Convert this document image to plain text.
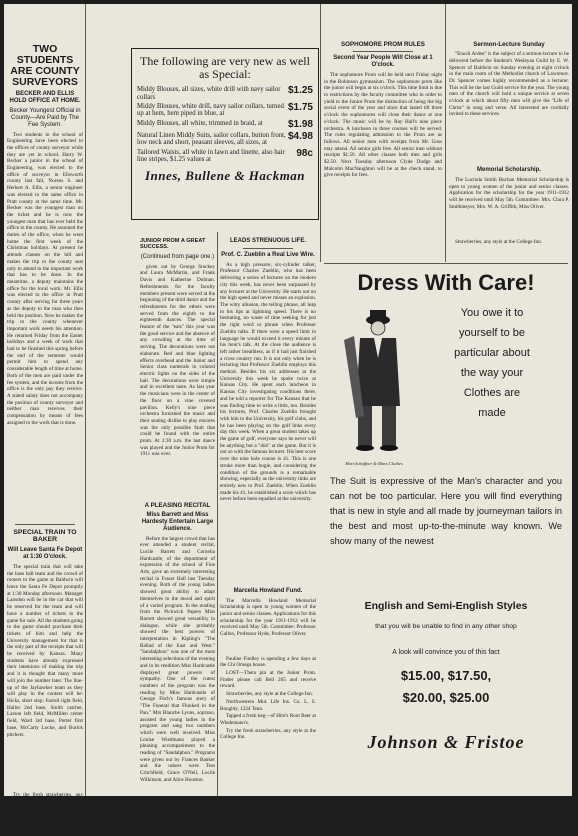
TWO STUDENTS ARE COUNTY SURVEYORS
BECKER AND ELLIS HOLD OFFICE AT HOME.
Becker Youngest Official in County—Are Paid by The Fee System.

Two students in the school of Engineering have been elected to the offices of county surveyor while they are yet in school. Harry W. Becker a junior in the school of Engineering, was elected to the office of surveyor in Ellsworth county last fall, Noreus S. and Herbert A. Ellis, a senior engineer was elected to the same office in Pratt county at the same time. Mr. Becker was the youngest man on the ticket and he is now the youngest man that has ever held the office in the county. He assumed the duties of the office, when he went home the first week of the Christmas holidays. At present he attends classes on the hill and makes the trip to the county seat only to attend to the important work that has to be done. In the meantime, a deputy maintains the office for the local work. Mr. Ellis was elected to the office in Pratt county after serving for three years as the deputy to the man who then held the position. Now he makes the trip to the county whenever important work needs his attention. He returned Friday from the Easter holidays and a week of work that had to be finished this spring before the end of the semester would permit him to spend any considerable length of time at home. Both of the men are paid under the fee system, and the income from the office is the only pay they receive. A stated salary does not accompany the position of county surveyor and neither man receives their compensation by means of fees assigned to the work that is done.

SPECIAL TRAIN TO BAKER
Will Leave Santa Fe Depot at 1:30 O'clock.

The special train that will take the base ball team and the crowd of rooters to the game at Baldwin will leave the Santa Fe Depot promptly at 1:30 Monday afternoon. Manager Lansdon will be in the car that will be reserved for the team and will have a number of tickets to the game for sale. All the students going to the game should purchase their tickets of him and help the University management for that is the only part of the receipts that will be received by Kansas. Many students have already expressed their intentions of making the trip and it is thought that many more will join the number later. The line-up of the Jayhawker team as they will play in the contest will be: Hicks, short stop; Farrell right field, Hallor 2nd base, Smith catcher, Larson left field, McMillen center field, Ward 3rd base, Porter first base, McCarty Locke, and Burick pitchers.

Try the fresh strawberries, any style at the College Inn.

The following are very new as well as Special:
Middy Blouses, all sizes, white drill with navy sailor collars
$1.25
Middy Blouses, white drill, navy sailor collars, turned up at hem, hem piped in blue, at
$1.75
Middy Blouses, all white, trimmed in braid, at	$1.98
Natural Linen Middy Suits, sailor collars, button front, low neck and short, peasant sleeves, all sizes, at
$4.98
Tailored Waists, all white in lawn and linette, also hair line stripes, $1.25 values at
98c
Innes, Bullene & Hackman
JUNIOR PROM A GREAT SUCCESS.
(Continued from page one.)

given out by George Stuckey and Laura McMartin, and Frank Davis and Katherine Dolman. Refreshments for the faculty members present were served at the beginning of the third dance and the refreshments for the others were served from the eighth to the eighteenth dances. The special feature of the "eats" this year was the good service and the absence of any crowding at the time of serving. The decorations were not elaborate. Red and blue lighting effects overhead and the Junior and Senior class numerals in colored electric lights on the sides of the hall. The decorations were simple and in excellent taste. As last year the musicians were in the center of the floor on a vine covered pavilion. Kelly's nine piece orchestra furnished the music and their seating dislike to play encores was the only possible fault that could be found with the entire prom. At 2:30 a.m. the last dance was played and the Junior Prom for 1911 was over.

A PLEASING RECITAL
Miss Barrett and Miss Hardesty Entertain Large Audience.

Before the largest crowd that has ever attended a student recital, Lucile Barrett and Cornelia Hardcastle, of the department of expression of the school of Fine Arts, gave an extremely interesting recital in Fraser Hall last Tuesday evening. Both of the young ladies showed great ability to adapt themselves to the mood and spirit of a varied program. In the reading from the Pickwick Papers Miss Barrett showed great versatility in dialogue, while she probably showed the best powers of interpretation in Kipling's "The Ballad of the East and West." "Sandalphon" was one of the most interesting selections of the evening and in its rendition Miss Hardcastle displayed great powers of sympathy. One of the cutest numbers of the program was the reading by Miss Hardcastle of George Fitch's famous story of "The Funeral that Flunked in the Pan." Mrs Blanche Lyons, soprano, assisted the young ladies in the program and sang two numbers which were well received. Miss Louise Wiedmann played a pleasing accompaniment to the reading of "Sandalphon." Programs were given out by Frances Banker and the ushers were Tess Critchfield, Grace O'Neil, Lucile Wilkinson, and Alice Houston.

LEADS STRENUOUS LIFE.
Prof. C. Zueblin a Real Live Wire.

As a high pressure, six-cylinder talker, Professor Charles Zueblin, who has been delivering a series of lectures on the modern city this week, has never been surpassed by any lecturer at the University. He starts out on the high speed and never misses an explosion. The witty allusion, the telling phrase, all leap to his lips at lightning speed. There is no hesitating, no waste of time seeking for just the right word or phrase when Professor Zueblin talks. If there were a speed limit in language he would exceed it every minute of his hour's talk. At the close the audience is left rather breathless, as if it had just finished a cross country run. It is not only when he is lecturing that Professor Zueblin employs this method. Besides his six addresses at the University this week he spoke twice at Kansas City. He spent each luncheon in Kansas City investigating conditions there, and he told a reporter for The Kansan that he was finding time to write a little, too. Besides his lectures, Prof. Charles Zueblin brought with him to the University, his golf clubs, and he has been playing on the golf links every day this week. When a great student takes up the game of golf, everyone says he never will be anything but a "dub" at the game. But it is not so with the famous lecturer. His best score over the nine hole course is 41. This is one stroke more than bogie, and considering the condition of the grounds is a remarkable showing, especially as the university links are entirely new to Prof. Zueblin. When Zueblin made his 41, he established a score which has never before been equalled at the university.

Marcella Howland Fund.

The Marcella Howland Memorial Scholarship is open to young women of the junior and senior classes. Applications for this scholarship for the year 1911-1912 will be received until May 5th. Committee: Professor Galloo, Professor Hyde, Professor Oliver.

Pauline Findley is spending a few days at the Chi Omega house.

LOST—Theta pin at the Junior Prom. Finder please call Bell 205 and receive reward.

Strawberries, any style at the College Inn.

Northwestern Mut. Life Ins. Co. L. S. Boughty, 1224 Tenn.

Tapped a fresh keg—of Hire's Root Beer at Wiedemann's.

Try the fresh strawberries, any style at the College Inn.

SOPHOMORE PROM RULES
Second Year People Will Close at 1 O'clock.

The sophomore Prom will be held next Friday night in the Robinson gymnasium. The sophomore prom like the junior will begin at six o'clock. This time limit is due to restrictions by the faculty committee who in order to yield to the Junior Prom the distinction of being the big social event of the year and since that lasted till three o'clock the sophomores will close their dance at one o'clock. The music will be by Ray Hall's nine piece orchestra. A luncheon in three courses will be served. The rules regulating admission to the Prom are as follows. All senior men with receipts from Mr. Goss may attend. All senior girls free. All senior men without receipts $1.50. All other classes both men and girls $2.50. Next Tuesday afternoon Clyde Dudge and Malcolm MacNaughton will be at the check stand, to give receipts for fees.

Sermon-Lecture Sunday

"Enoch Arden" is the subject of a sermon-lecture to be delivered before the Student's Wesleyan Guild by E. W. Spencer of Baldwin on Sunday evening at eight o'clock in the main room of the Methodist church of Lawrence. Dr. Spencer comes highly recommended as a lecturer. This will be the last Guild service for the year. The young men of the church will hold a unique service at seven o'clock at which about fifty men will give the "Life of Christ" in song and verse. All interested are cordially invited to these services.

Memorial Scholarship.

The Lucinda Smith Buchan Memorial Scholarship is open to young women of the junior and senior classes. Application for the scholarship for the year 1911-1912 will be received until May 5th. Committee: Mrs. Clara P. Smithmeyer, Mrs. W. A. Griffith, Miss Oliver.

Strawberries, any style at the College Inn.

Dress With Care!
Hart Schaffner & Marx Clothes
You owe it to
yourself to be
particular about
the way your
Clothes are
made
The Suit is expressive of the Man's character and you can not be too particular. Here you will find everything that is new in style and all made by journeyman tailors in the best and most up-to-the-minute way known. We show many of the newest
English and Semi-English Styles
that you will be unable to find in any other shop
A look will convince you of this fact
$15.00, $17.50,
$20.00, $25.00
Johnson & Fristoe
